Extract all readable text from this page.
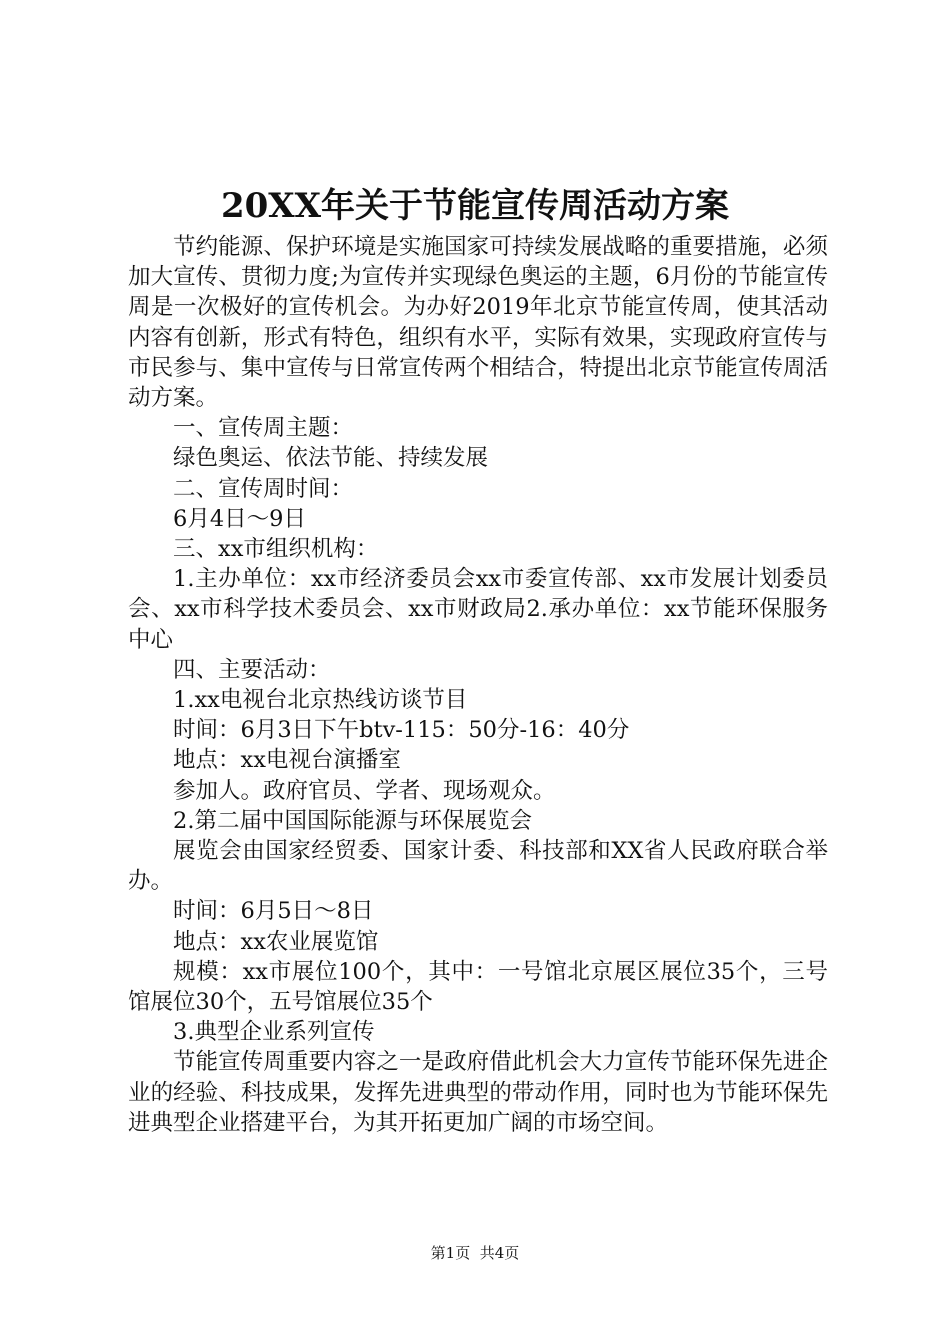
20XX年关于节能宣传周活动方案

节约能源、保护环境是实施国家可持续发展战略的重要措施，必须加大宣传、贯彻力度;为宣传并实现绿色奥运的主题，6月份的节能宣传周是一次极好的宣传机会。为办好2019年北京节能宣传周，使其活动内容有创新，形式有特色，组织有水平，实际有效果，实现政府宣传与市民参与、集中宣传与日常宣传两个相结合，特提出北京节能宣传周活动方案。

一、宣传周主题：

绿色奥运、依法节能、持续发展

二、宣传周时间：

6月4日～9日

三、xx市组织机构：

1.主办单位：xx市经济委员会xx市委宣传部、xx市发展计划委员会、xx市科学技术委员会、xx市财政局2.承办单位：xx节能环保服务中心

四、主要活动：

1.xx电视台北京热线访谈节目

时间：6月3日下午btv-115：50分-16：40分

地点：xx电视台演播室

参加人。政府官员、学者、现场观众。

2.第二届中国国际能源与环保展览会

展览会由国家经贸委、国家计委、科技部和XX省人民政府联合举办。

时间：6月5日～8日

地点：xx农业展览馆

规模：xx市展位100个，其中：一号馆北京展区展位35个，三号馆展位30个，五号馆展位35个

3.典型企业系列宣传

节能宣传周重要内容之一是政府借此机会大力宣传节能环保先进企业的经验、科技成果，发挥先进典型的带动作用，同时也为节能环保先进典型企业搭建平台，为其开拓更加广阔的市场空间。

第1页 共4页
